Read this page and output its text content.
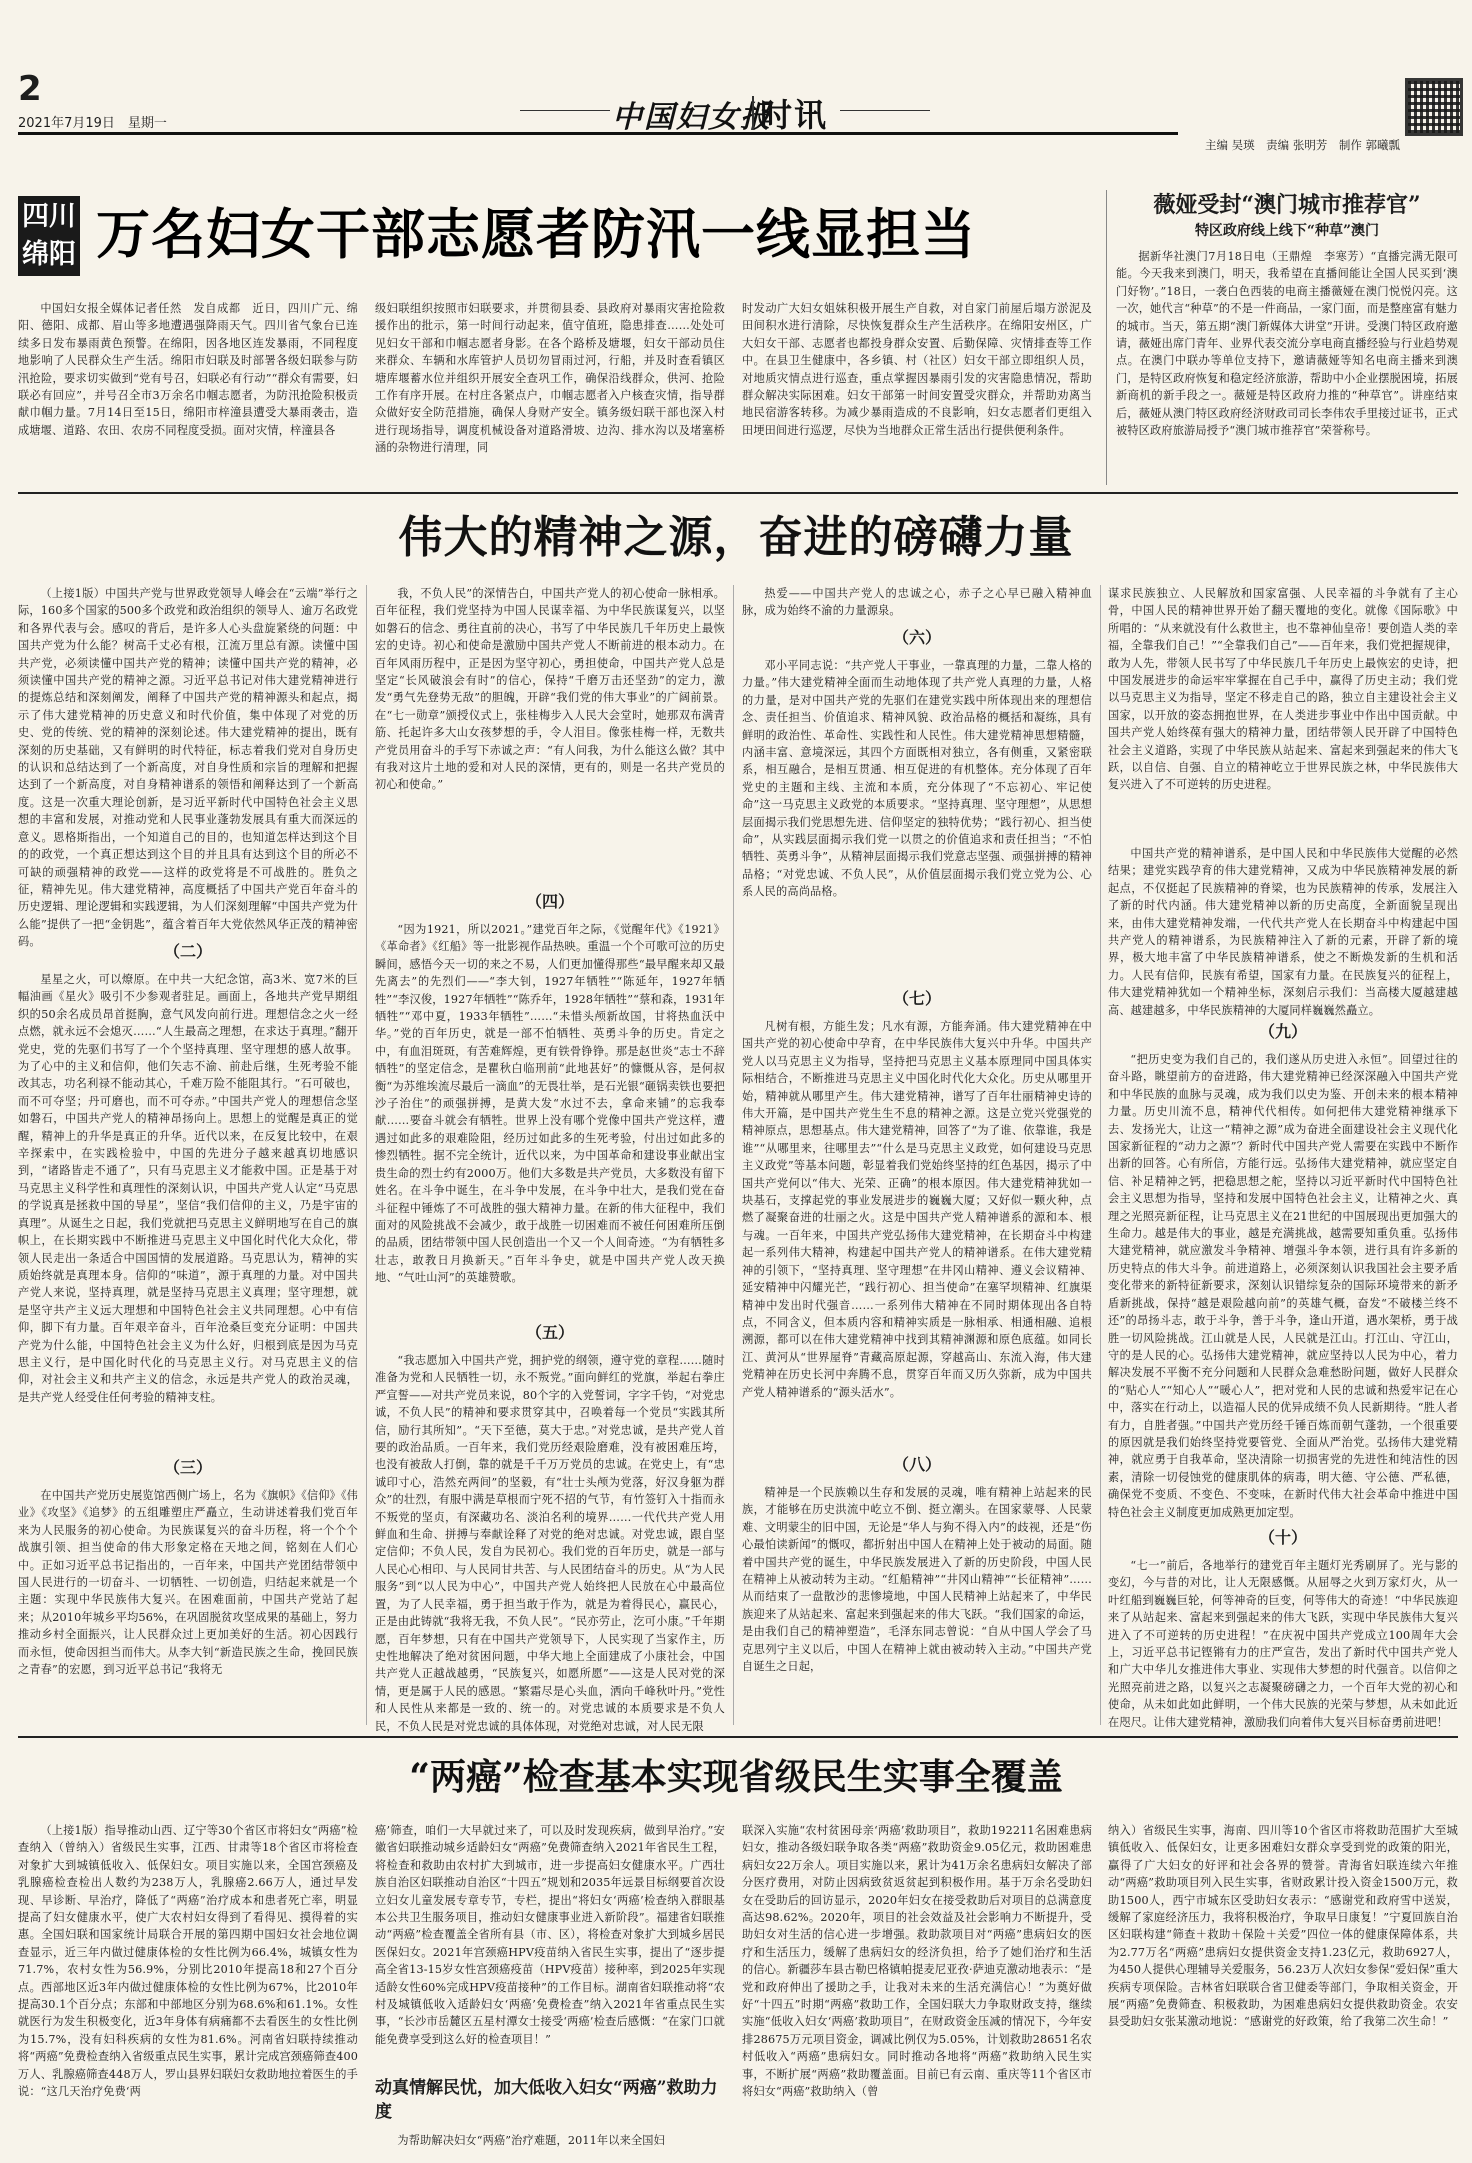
2
2021年7月19日　星期一	中国妇女报
时讯
主编 吴瑛　责编 张明芳　制作 郭曦瓢
四川
绵阳 万名妇女干部志愿者防汛一线显担当
中国妇女报全媒体记者任然　发自成都　近日，四川广元、绵阳、德阳、成都、眉山等多地遭遇强降雨天气。四川省气象台已连续多日发布暴雨黄色预警。在绵阳，因各地区连发暴雨，不同程度地影响了人民群众生产生活。绵阳市妇联及时部署各级妇联参与防汛抢险，要求切实做到“党有号召，妇联必有行动”“群众有需要，妇联必有回应”，并号召全市3万余名巾帼志愿者，为防汛抢险积极贡献巾帼力量。7月14日至15日，绵阳市梓潼县遭受大暴雨袭击，造成塘堰、道路、农田、农房不同程度受损。面对灾情，梓潼县各
级妇联组织按照市妇联要求，并贯彻县委、县政府对暴雨灾害抢险救援作出的批示，第一时间行动起来，值守值班，隐患排查……处处可见妇女干部和巾帼志愿者身影。在各个路桥及塘堰，妇女干部动员住来群众、车辆和水库管护人员切勿冒雨过河，行船，并及时查看镇区塘库堰蓄水位并组织开展安全查巩工作，确保沿线群众，供河、抢险工作有序开展。在村庄各紧点户，巾帼志愿者入户核查灾情，指导群众做好安全防范措施，确保人身财产安全。镇务级妇联干部也深入村进行现场指导，调度机械设备对道路滑坡、边沟、排水沟以及堵塞桥涵的杂物进行清理，同
时发动广大妇女姐妹积极开展生产自救，对自家门前屋后塌方淤泥及田间积水进行清除，尽快恢复群众生产生活秩序。在绵阳安州区，广大妇女干部、志愿者也都投身群众安置、后勤保障、灾情排查等工作中。在县卫生健康中，各乡镇、村（社区）妇女干部立即组织人员，对地质灾情点进行巡查，重点掌握因暴雨引发的灾害隐患情况，帮助群众解决实际困难。妇女干部第一时间安置受灾群众，并帮助劝离当地民宿游客转移。为减少暴雨造成的不良影响，妇女志愿者们更组入田埂田间进行巡逻，尽快为当地群众正常生活出行提供便利条件。
薇娅受封“澳门城市推荐官”
特区政府线上线下“种草”澳门
据新华社澳门7月18日电（王鼎煌　李寒芳）“直播完满无限可能。今天我来到澳门，明天，我希望在直播间能让全国人民买到‘澳门好物’。”18日，一袭白色西装的电商主播薇娅在澳门悦悦闪亮。这一次，她代言“种草”的不是一件商品，一家门面，而是整座富有魅力的城市。当天，第五期“澳门新媒体大讲堂”开讲。受澳门特区政府邀请，薇娅出席门青年、业界代表交流分享电商直播经验与行业趋势观点。在澳门中联办等单位支持下，邀请薇娅等知名电商主播来到澳门，是特区政府恢复和稳定经济旅游，帮助中小企业摆脱困境，拓展新商机的新手段之一。薇娅是特区政府力推的“种草官”。讲座结束后，薇娅从澳门特区政府经济财政司司长李伟农手里接过证书，正式被特区政府旅游局授予“澳门城市推荐官”荣誉称号。
伟大的精神之源，奋进的磅礴力量
（上接1版）中国共产党与世界政党领导人峰会在“云端”举行之际，160多个国家的500多个政党和政治组织的领导人、逾万名政党和各界代表与会。感叹的背后，是许多人心头盘旋紧绕的问题：中国共产党为什么能？树高千丈必有根，江流万里总有源。读懂中国共产党，必须读懂中国共产党的精神；读懂中国共产党的精神，必须读懂中国共产党的精神之源。习近平总书记对伟大建党精神进行的提炼总结和深刻阐发，阐释了中国共产党的精神源头和起点，揭示了伟大建党精神的历史意义和时代价值，集中体现了对党的历史、党的传统、党的精神的深刻论述。伟大建党精神的提出，既有深刻的历史基础，又有鲜明的时代特征，标志着我们党对自身历史的认识和总结达到了一个新高度，对自身性质和宗旨的理解和把握达到了一个新高度，对自身精神谱系的领悟和阐释达到了一个新高度。这是一次重大理论创新，是习近平新时代中国特色社会主义思想的丰富和发展，对推动党和人民事业蓬勃发展具有重大而深远的意义。恩格斯指出，一个知道自己的目的，也知道怎样达到这个目的的政党，一个真正想达到这个目的并且具有达到这个目的所必不可缺的顽强精神的政党——这样的政党将是不可战胜的。胜负之征，精神先见。伟大建党精神，高度概括了中国共产党百年奋斗的历史逻辑、理论逻辑和实践逻辑，为人们深刻理解“中国共产党为什么能”提供了一把“金钥匙”，蕴含着百年大党依然风华正茂的精神密码。
（二）
星星之火，可以燎原。在中共一大纪念馆，高3米、宽7米的巨幅油画《星火》吸引不少参观者驻足。画面上，各地共产党早期组织的50余名成员昂首挺胸，意气风发向前行进。理想信念之火一经点燃，就永远不会熄灭……“人生最高之理想，在求达于真理。”翻开党史，党的先驱们书写了一个个坚持真理、坚守理想的感人故事。为了心中的主义和信仰，他们矢志不渝、前赴后继，生死考验不能改其志，功名利禄不能动其心，千难万险不能阻其行。“石可破也，而不可夺坚；丹可磨也，而不可夺赤。”中国共产党人的理想信念坚如磐石，中国共产党人的精神昂扬向上。思想上的觉醒是真正的觉醒，精神上的升华是真正的升华。近代以来，在反复比较中，在艰辛探索中，在实践检验中，中国的先进分子越来越真切地感识到，“诸路皆走不通了”，只有马克思主义才能救中国。正是基于对马克思主义科学性和真理性的深刻认识，中国共产党人认定“马克思的学说真是拯救中国的导星”，坚信“我们信仰的主义，乃是宇宙的真理”。从诞生之日起，我们党就把马克思主义鲜明地写在自己的旗帜上，在长期实践中不断推进马克思主义中国化时代化大众化，带领人民走出一条适合中国国情的发展道路。马克思认为，精神的实质始终就是真理本身。信仰的“味道”，源于真理的力量。对中国共产党人来说，坚持真理，就是坚持马克思主义真理；坚守理想，就是坚守共产主义远大理想和中国特色社会主义共同理想。心中有信仰，脚下有力量。百年艰辛奋斗，百年沧桑巨变充分证明：中国共产党为什么能，中国特色社会主义为什么好，归根到底是因为马克思主义行，是中国化时代化的马克思主义行。对马克思主义的信仰，对社会主义和共产主义的信念，永远是共产党人的政治灵魂，是共产党人经受住任何考验的精神支柱。
（三）
在中国共产党历史展览馆西侧广场上，名为《旗帜》《信仰》《伟业》《攻坚》《追梦》的五组雕塑庄严矗立，生动讲述着我们党百年来为人民服务的初心使命。为民族谋复兴的奋斗历程，将一个个个战旗引领、担当使命的伟大形象定格在天地之间，铭刻在人们心中。正如习近平总书记指出的，一百年来，中国共产党团结带领中国人民进行的一切奋斗、一切牺牲、一切创造，归结起来就是一个主题：实现中华民族伟大复兴。在困难面前，中国共产党站了起来；从2010年城乡平均56%，在巩固脱贫攻坚成果的基础上，努力推动乡村全面振兴，让人民群众过上更加美好的生活。初心因践行而永恒，使命因担当而伟大。从李大钊“新造民族之生命，挽回民族之青春”的宏愿，到习近平总书记“我将无
我，不负人民”的深情告白，中国共产党人的初心使命一脉相承。百年征程，我们党坚持为中国人民谋幸福、为中华民族谋复兴，以坚如磐石的信念、勇往直前的决心，书写了中华民族几千年历史上最恢宏的史诗。初心和使命是激励中国共产党人不断前进的根本动力。在百年风雨历程中，正是因为坚守初心，勇担使命，中国共产党人总是坚定“长风破浪会有时”的信心，保持“千磨万击还坚劲”的定力，激发“勇气先登势无敌”的胆魄，开辟“我们党的伟大事业”的广阔前景。在“七一勋章”颁授仪式上，张桂梅步入人民大会堂时，她那双布满青筋、托起许多大山女孩梦想的手，令人泪目。像张桂梅一样，无数共产党员用奋斗的手写下赤诚之声：“有人问我，为什么能这么做？其中有我对这片土地的爱和对人民的深情，更有的，则是一名共产党员的初心和使命。”
（四）
“因为1921，所以2021。”建党百年之际，《觉醒年代》《1921》《革命者》《红船》等一批影视作品热映。重温一个个可歌可泣的历史瞬间，感悟今天一切的来之不易，人们更加懂得那些“最早醒来却又最先离去”的先烈们——“李大钊，1927年牺牲”“陈延年，1927年牺牲”“李汉俊，1927年牺牲”“陈乔年，1928年牺牲”“蔡和森，1931年牺牲”“邓中夏，1933年牺牲”……“未惜头颅新故国，甘将热血沃中华。”党的百年历史，就是一部不怕牺牲、英勇斗争的历史。肯定之中，有血泪斑斑，有苦难辉煌，更有铁骨铮铮。那是赵世炎“志士不辞牺牲”的坚定信念，是瞿秋白临刑前“此地甚好”的慷慨从容，是何叔衡“为苏维埃流尽最后一滴血”的无畏壮举，是石光银“砸锅卖铁也要把沙子治住”的顽强拼搏，是黄大发“水过不去，拿命来铺”的忘我奉献……要奋斗就会有牺牲。世界上没有哪个党像中国共产党这样，遭遇过如此多的艰难险阻，经历过如此多的生死考验，付出过如此多的惨烈牺牲。据不完全统计，近代以来，为中国革命和建设事业献出宝贵生命的烈士约有2000万。他们大多数是共产党员，大多数没有留下姓名。在斗争中诞生，在斗争中发展，在斗争中壮大，是我们党在奋斗征程中锤炼了不可战胜的强大精神力量。在新的伟大征程中，我们面对的风险挑战不会减少，敢于战胜一切困难而不被任何困难所压倒的品质，团结带领中国人民创造出一个又一个人间奇迹。“为有牺牲多壮志，敢教日月换新天。”百年斗争史，就是中国共产党人改天换地、“气吐山河”的英雄赞歌。
（五）
“我志愿加入中国共产党，拥护党的纲领，遵守党的章程……随时准备为党和人民牺牲一切，永不叛党。”面向鲜红的党旗，举起右拳庄严宣誓——对共产党员来说，80个字的入党誓词，字字千钧，“对党忠诚，不负人民”的精神和要求贯穿其中，召唤着每一个党员“实践其所信，励行其所知”。“天下至德，莫大于忠。”对党忠诚，是共产党人首要的政治品质。一百年来，我们党历经艰险磨难，没有被困难压垮，也没有被敌人打倒，靠的就是千千万万党员的忠诚。在党史上，有“忠诚印寸心，浩然充两间”的坚毅，有“壮士头颅为党落，好汉身躯为群众”的壮烈，有服中满是草根而宁死不招的气节，有竹签钉入十指而永不叛党的坚贞，有深藏功名、淡泊名利的境界……一代代共产党人用鲜血和生命、拼搏与奉献诠释了对党的绝对忠诚。对党忠诚，跟自坚定信仰；不负人民，发自为民初心。我们党的百年历史，就是一部与人民心心相印、与人民同甘共苦、与人民团结奋斗的历史。从“为人民服务”到“以人民为中心”，中国共产党人始终把人民放在心中最高位置，为了人民幸福，勇于担当敢于作为，就是为着得民心，赢民心，正是由此铸就“我将无我，不负人民”。“民亦劳止，汔可小康。”千年期愿，百年梦想，只有在中国共产党领导下，人民实现了当家作主，历史性地解决了绝对贫困问题，中华大地上全面建成了小康社会，中国共产党人正越战越勇，“民族复兴，如愿所愿”——这是人民对党的深情，更是属于人民的感恩。“繁霜尽是心头血，洒向千峰秋叶丹。”党性和人民性从来都是一致的、统一的。对党忠诚的本质要求是不负人民，不负人民是对党忠诚的具体体现，对党绝对忠诚，对人民无限
热爱——中国共产党人的忠诚之心，赤子之心早已融入精神血脉，成为始终不渝的力量源泉。
（六）
邓小平同志说：“共产党人干事业，一靠真理的力量，二靠人格的力量。”伟大建党精神全面而生动地体现了共产党人真理的力量，人格的力量，是对中国共产党的先驱们在建党实践中所体现出来的理想信念、责任担当、价值追求、精神风貌、政治品格的概括和凝练，具有鲜明的政治性、革命性、实践性和人民性。伟大建党精神思想精髓，内涵丰富、意境深远，其四个方面既相对独立，各有侧重，又紧密联系，相互融合，是相互贯通、相互促进的有机整体。充分体现了百年党史的主题和主线、主流和本质，充分体现了“不忘初心、牢记使命”这一马克思主义政党的本质要求。“坚持真理、坚守理想”，从思想层面揭示我们党思想先进、信仰坚定的独特优势；“践行初心、担当使命”，从实践层面揭示我们党一以贯之的价值追求和责任担当；“不怕牺牲、英勇斗争”，从精神层面揭示我们党意志坚强、顽强拼搏的精神品格；“对党忠诚、不负人民”，从价值层面揭示我们党立党为公、心系人民的高尚品格。
（七）
凡树有根，方能生发；凡水有源，方能奔涌。伟大建党精神在中国共产党的初心使命中孕育，在中华民族伟大复兴中升华。中国共产党人以马克思主义为指导，坚持把马克思主义基本原理同中国具体实际相结合，不断推进马克思主义中国化时代化大众化。历史从哪里开始，精神就从哪里产生。伟大建党精神，谱写了百年壮丽精神史诗的伟大开篇，是中国共产党生生不息的精神之源。这是立党兴党强党的精神原点，思想基点。伟大建党精神，回答了“为了谁、依靠谁，我是谁”“从哪里来，往哪里去”“什么是马克思主义政党，如何建设马克思主义政党”等基本问题，彰显着我们党始终坚持的红色基因，揭示了中国共产党何以“伟大、光荣、正确”的根本原因。伟大建党精神犹如一块基石，支撑起党的事业发展进步的巍巍大厦；又好似一颗火种，点燃了凝聚奋进的壮丽之火。这是中国共产党人精神谱系的源和本、根与魂。一百年来，中国共产党弘扬伟大建党精神，在长期奋斗中构建起一系列伟大精神，构建起中国共产党人的精神谱系。在伟大建党精神的引领下，“坚持真理、坚守理想”在井冈山精神、遵义会议精神、延安精神中闪耀光芒，“践行初心、担当使命”在塞罕坝精神、红旗渠精神中发出时代强音……一系列伟大精神在不同时期体现出各自特点，不同含义，但本质内容和精神实质是一脉相承、相通相融、追根溯源，都可以在伟大建党精神中找到其精神渊源和原色底蕴。如同长江、黄河从“世界屋脊”青藏高原起源，穿越高山、东流入海，伟大建党精神在历史长河中奔腾不息，贯穿百年而又历久弥新，成为中国共产党人精神谱系的“源头活水”。
（八）
精神是一个民族赖以生存和发展的灵魂，唯有精神上站起来的民族，才能够在历史洪流中屹立不倒、挺立潮头。在国家蒙辱、人民蒙难、文明蒙尘的旧中国，无论是“华人与狗不得入内”的歧视，还是“伤心最怕读新闻”的慨叹，都折射出中国人在精神上处于被动的局面。随着中国共产党的诞生，中华民族发展进入了新的历史阶段，中国人民在精神上从被动转为主动。“红船精神”“井冈山精神”“长征精神”……从而结束了一盘散沙的悲惨境地，中国人民精神上站起来了，中华民族迎来了从站起来、富起来到强起来的伟大飞跃。“我们国家的命运，是由我们自己的精神塑造”，毛泽东同志曾说：“自从中国人学会了马克思列宁主义以后，中国人在精神上就由被动转入主动。”中国共产党自诞生之日起，
谋求民族独立、人民解放和国家富强、人民幸福的斗争就有了主心骨，中国人民的精神世界开始了翻天覆地的变化。就像《国际歌》中所唱的：“从来就没有什么救世主，也不靠神仙皇帝！要创造人类的幸福，全靠我们自己！”“全靠我们自己”——百年来，我们党把握规律，敢为人先，带领人民书写了中华民族几千年历史上最恢宏的史诗，把中国发展进步的命运牢牢掌握在自己手中，赢得了历史主动；我们党以马克思主义为指导，坚定不移走自己的路，独立自主建设社会主义国家，以开放的姿态拥抱世界，在人类进步事业中作出中国贡献。中国共产党人始终葆有强大的精神力量，团结带领人民开辟了中国特色社会主义道路，实现了中华民族从站起来、富起来到强起来的伟大飞跃，以自信、自强、自立的精神屹立于世界民族之林，中华民族伟大复兴进入了不可逆转的历史进程。
中国共产党的精神谱系，是中国人民和中华民族伟大觉醒的必然结果；建党实践孕育的伟大建党精神，又成为中华民族精神发展的新起点，不仅挺起了民族精神的脊梁，也为民族精神的传承，发展注入了新的时代内涵。伟大建党精神以新的历史高度，全新面貌呈现出来，由伟大建党精神发端，一代代共产党人在长期奋斗中构建起中国共产党人的精神谱系，为民族精神注入了新的元素，开辟了新的境界，极大地丰富了中华民族精神谱系，使之不断焕发新的生机和活力。人民有信仰，民族有希望，国家有力量。在民族复兴的征程上，伟大建党精神犹如一个精神坐标，深刻启示我们：当高楼大厦越建越高、越建越多，中华民族精神的大厦同样巍巍然矗立。
（九）
“把历史变为我们自己的，我们遂从历史进入永恒”。回望过往的奋斗路，眺望前方的奋进路，伟大建党精神已经深深融入中国共产党和中华民族的血脉与灵魂，成为我们以史为鉴、开创未来的根本精神力量。历史川流不息，精神代代相传。如何把伟大建党精神继承下去、发扬光大，让这一“精神之源”成为奋进全面建设社会主义现代化国家新征程的“动力之源”？新时代中国共产党人需要在实践中不断作出新的回答。心有所信，方能行远。弘扬伟大建党精神，就应坚定自信、补足精神之钙，把稳思想之舵，坚持以习近平新时代中国特色社会主义思想为指导，坚持和发展中国特色社会主义，让精神之火、真理之光照亮新征程，让马克思主义在21世纪的中国展现出更加强大的生命力。越是伟大的事业，越是充满挑战，越需要知重负重。弘扬伟大建党精神，就应激发斗争精神、增强斗争本领，进行具有许多新的历史特点的伟大斗争。前进道路上，必须深刻认识我国社会主要矛盾变化带来的新特征新要求，深刻认识错综复杂的国际环境带来的新矛盾新挑战，保持“越是艰险越向前”的英雄气概，奋发“不破楼兰终不还”的昂扬斗志，敢于斗争，善于斗争，逢山开道，遇水架桥，勇于战胜一切风险挑战。江山就是人民，人民就是江山。打江山、守江山，守的是人民的心。弘扬伟大建党精神，就应坚持以人民为中心，着力解决发展不平衡不充分问题和人民群众急难愁盼问题，做好人民群众的“贴心人”“知心人”“暖心人”，把对党和人民的忠诚和热爱牢记在心中，落实在行动上，以造福人民的优异成绩不负人民新期待。“胜人者有力，自胜者强。”中国共产党历经千锤百炼而朝气蓬勃，一个很重要的原因就是我们始终坚持党要管党、全面从严治党。弘扬伟大建党精神，就应勇于自我革命，坚决清除一切损害党的先进性和纯洁性的因素，清除一切侵蚀党的健康肌体的病毒，明大德、守公德、严私德，确保党不变质、不变色、不变味，在新时代伟大社会革命中推进中国特色社会主义制度更加成熟更加定型。
（十）
“七一”前后，各地举行的建党百年主题灯光秀刷屏了。光与影的变幻，今与昔的对比，让人无限感慨。从屈辱之火到万家灯火，从一叶红船到巍巍巨轮，何等神奇的巨变，何等伟大的奇迹！“中华民族迎来了从站起来、富起来到强起来的伟大飞跃，实现中华民族伟大复兴进入了不可逆转的历史进程！”在庆祝中国共产党成立100周年大会上，习近平总书记铿锵有力的庄严宣告，发出了新时代中国共产党人和广大中华儿女推进伟大事业、实现伟大梦想的时代强音。以信仰之光照亮前进之路，以复兴之志凝聚磅礴之力，一个百年大党的初心和使命，从未如此如此鲜明，一个伟大民族的光荣与梦想，从未如此近在咫尺。让伟大建党精神，激励我们向着伟大复兴目标奋勇前进吧！
“两癌”检查基本实现省级民生实事全覆盖
（上接1版）指导推动山西、辽宁等30个省区市将妇女“两癌”检查纳入（曾纳入）省级民生实事，江西、甘肃等18个省区市将检查对象扩大到城镇低收入、低保妇女。项目实施以来，全国宫颈癌及乳腺癌检查检出人数约为238万人，乳腺癌2.66万人，通过早发现、早诊断、早治疗，降低了“两癌”治疗成本和患者死亡率，明显提高了妇女健康水平，使广大农村妇女得到了看得见、摸得着的实惠。全国妇联和国家统计局联合开展的第四期中国妇女社会地位调查显示，近三年内做过健康体检的女性比例为66.4%，城镇女性为71.7%，农村女性为56.9%，分别比2010年提高18和27个百分点。西部地区近3年内做过健康体检的女性比例为67%，比2010年提高30.1个百分点；东部和中部地区分别为68.6%和61.1%。女性就医行为发生积极变化，近3年身体有病痛都不去看医生的女性比例为15.7%，没有妇科疾病的女性为81.6%。河南省妇联持续推动将“两癌”免费检查纳入省级重点民生实事，累计完成宫颈癌筛查400万人、乳腺癌筛查448万人，罗山县界妇联妇女救助地拉着医生的手说：“这几天治疗免费‘两
癌’筛查，咱们一大早就过来了，可以及时发现疾病，做到早治疗。”安徽省妇联推动城乡适龄妇女“两癌”免费筛查纳入2021年省民生工程，将检查和救助由农村扩大到城市，进一步提高妇女健康水平。广西壮族自治区妇联推动自治区“十四五”规划和2035年远景目标纲要首次设立妇女儿童发展专章专节，专栏，提出“将妇女‘两癌’检查纳入群眼基本公共卫生服务项目，推动妇女健康事业进入新阶段”。福建省妇联推动“两癌”检查覆盖全省所有县（市、区），将检查对象扩大到城乡居民医保妇女。2021年宫颈癌HPV疫苗纳入省民生实事，提出了“逐步提高全省13-15岁女性宫颈癌疫苗（HPV疫苗）接种率，到2025年实现适龄女性60%完成HPV疫苗接种”的工作目标。湖南省妇联推动将“农村及城镇低收入适龄妇女‘两癌’免费检查”纳入2021年省重点民生实事，“长沙市岳麓区五星村潭女士接受‘两癌’检查后感慨：“在家门口就能免费享受到这么好的检查项目！”
动真情解民忧，加大低收入妇女“两癌”救助力度
为帮助解决妇女“两癌”治疗难题，2011年以来全国妇
联深入实施“农村贫困母亲‘两癌’救助项目”，救助192211名困难患病妇女，推动各级妇联争取各类“两癌”救助资金9.05亿元，救助困难患病妇女22万余人。项目实施以来，累计为41万余名患病妇女解决了部分医疗费用，对防止因病致贫返贫起到积极作用。基于万余名受助妇女在受助后的回访显示，2020年妇女在接受救助后对项目的总满意度高达98.62%。2020年，项目的社会效益及社会影响力不断提升，受助妇女对生活的信心进一步增强。救助款项目对“两癌”患病妇女的医疗和生活压力，缓解了患病妇女的经济负担，给予了她们治疗和生活的信心。新疆莎车县古勒巴格镇帕提麦尼亚孜·萨迪克激动地表示：“是党和政府伸出了援助之手，让我对未来的生活充满信心！”为奠好做好“十四五”时期“两癌”救助工作，全国妇联大力争取财政支持，继续实施“低收入妇女‘两癌’救助项目”，在财政资金压减的情况下，今年安排28675万元项目资金，调减比例仅为5.05%，计划救助28651名农村低收入“两癌”患病妇女。同时推动各地将“两癌”救助纳入民生实事，不断扩展“两癌”救助覆盖面。目前已有云南、重庆等11个省区市将妇女“两癌”救助纳入（曾
纳入）省级民生实事，海南、四川等10个省区市将救助范围扩大至城镇低收入、低保妇女，让更多困难妇女群众享受到党的政策的阳光，贏得了广大妇女的好评和社会各界的赞誉。青海省妇联连续六年推动“两癌”救助项目列入民生实事，省财政累计投入资金1500万元，救助1500人，西宁市城东区受助妇女表示：“感谢党和政府雪中送炭，缓解了家庭经济压力，我将积极治疗，争取早日康复！”宁夏回族自治区妇联构建“筛查＋救助＋保险＋关爱”四位一体的健康保障体系，共为2.77万名“两癌”患病妇女提供资金支持1.23亿元，救助6927人，为450人提供心理辅导关爱服务，56.23万人次妇女参保“爱妇保”重大疾病专项保险。吉林省妇联联合省卫健委等部门，争取相关资金，开展“两癌”免费筛查、积极救助，为困难患病妇女提供救助资金。农安县受助妇女张某激动地说：“感谢党的好政策，给了我第二次生命！”
